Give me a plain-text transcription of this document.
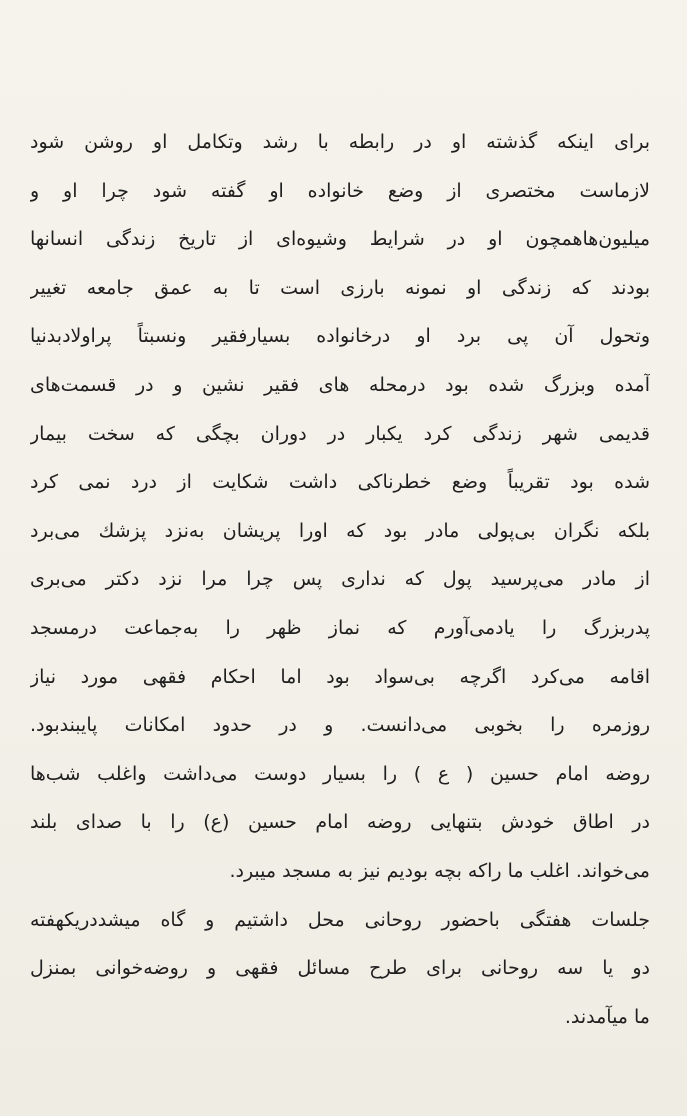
برای اینکه گذشته او در رابطه با رشد وتکامل او روشن شود
لازماست مختصری از وضع خانواده او گفته شود چرا او و
میلیون‌هاهمچون او در شرایط وشیوه‌ای از تاریخ زندگی انسانها
بودند که زندگی او نمونه بارزی است تا به عمق جامعه تغییر
وتحول آن پی برد او درخانواده بسیارفقیر ونسبتاً پراولادبدنیا
آمده وبزرگ شده بود درمحله های فقیر نشین و در قسمت‌های
قدیمی شهر زندگی کرد یکبار در دوران بچگی که سخت بیمار
شده بود تقریباً وضع خطرناکی داشت شکایت از درد نمی کرد
بلکه نگران بی‌پولی مادر بود که اورا پریشان به‌نزد پزشك می‌برد
از مادر می‌پرسید پول که نداری پس چرا مرا نزد دکتر می‌بری
پدربزرگ را یادمی‌آورم که نماز ظهر را به‌جماعت درمسجد
اقامه می‌کرد اگرچه بی‌سواد بود اما احکام فقهی مورد نیاز
روزمره را بخوبی می‌دانست. و در حدود امکانات پایبندبود.
روضه امام حسین ( ع ) را بسیار دوست می‌داشت واغلب شب‌ها
در اطاق خودش بتنهایی روضه امام حسین (ع) را با صدای بلند
می‌خواند. اغلب ما راکه بچه بودیم نیز به مسجد میبرد.
جلسات هفتگی باحضور روحانی محل داشتیم و گاه میشددریکهفته
دو یا سه روحانی برای طرح مسائل فقهی و روضه‌خوانی بمنزل
ما میآمدند.
